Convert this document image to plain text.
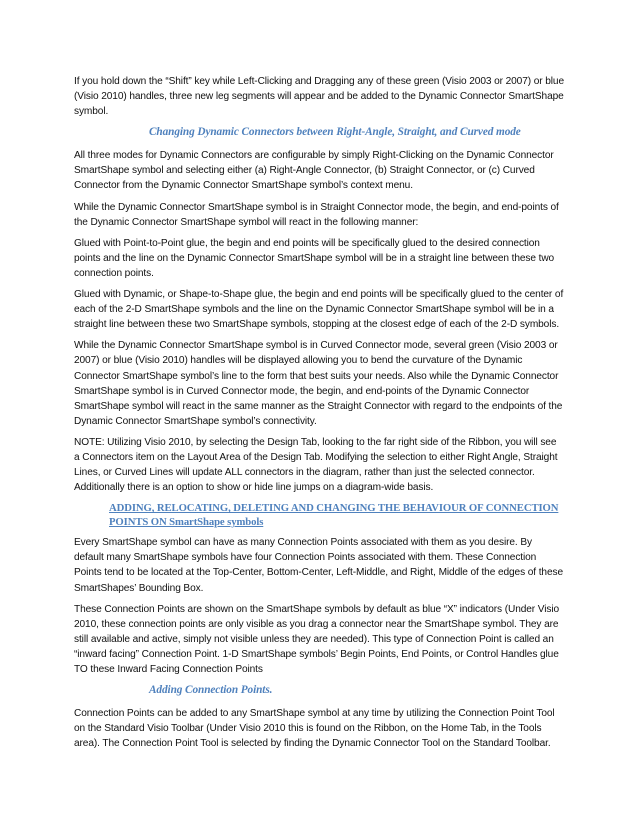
If you hold down the “Shift” key while Left-Clicking and Dragging any of these green (Visio 2003 or 2007) or blue (Visio 2010) handles, three new leg segments will appear and be added to the Dynamic Connector SmartShape symbol.

Changing Dynamic Connectors between Right-Angle, Straight, and Curved mode

All three modes for Dynamic Connectors are configurable by simply Right-Clicking on the Dynamic Connector SmartShape symbol and selecting either (a) Right-Angle Connector, (b) Straight Connector, or (c) Curved Connector from the Dynamic Connector SmartShape symbol’s context menu.

While the Dynamic Connector SmartShape symbol is in Straight Connector mode, the begin, and end-points of the Dynamic Connector SmartShape symbol will react in the following manner:

Glued with Point-to-Point glue, the begin and end points will be specifically glued to the desired connection points and the line on the Dynamic Connector SmartShape symbol will be in a straight line between these two connection points.

Glued with Dynamic, or Shape-to-Shape glue, the begin and end points will be specifically glued to the center of each of the 2-D SmartShape symbols and the line on the Dynamic Connector SmartShape symbol will be in a straight line between these two SmartShape symbols, stopping at the closest edge of each of the 2-D symbols.

While the Dynamic Connector SmartShape symbol is in Curved Connector mode, several green (Visio 2003 or 2007) or blue (Visio 2010) handles will be displayed allowing you to bend the curvature of the Dynamic Connector SmartShape symbol’s line to the form that best suits your needs. Also while the Dynamic Connector SmartShape symbol is in Curved Connector mode, the begin, and end-points of the Dynamic Connector SmartShape symbol will react in the same manner as the Straight Connector with regard to the endpoints of the Dynamic Connector SmartShape symbol’s connectivity.

NOTE: Utilizing Visio 2010, by selecting the Design Tab, looking to the far right side of the Ribbon, you will see a Connectors item on the Layout Area of the Design Tab. Modifying the selection to either Right Angle, Straight Lines, or Curved Lines will update ALL connectors in the diagram, rather than just the selected connector. Additionally there is an option to show or hide line jumps on a diagram-wide basis.

ADDING, RELOCATING, DELETING AND CHANGING THE BEHAVIOUR OF CONNECTION POINTS ON SmartShape symbols

Every SmartShape symbol can have as many Connection Points associated with them as you desire. By default many SmartShape symbols have four Connection Points associated with them. These Connection Points tend to be located at the Top-Center, Bottom-Center, Left-Middle, and Right, Middle of the edges of these SmartShapes’ Bounding Box.

These Connection Points are shown on the SmartShape symbols by default as blue “X” indicators (Under Visio 2010, these connection points are only visible as you drag a connector near the SmartShape symbol. They are still available and active, simply not visible unless they are needed). This type of Connection Point is called an “inward facing” Connection Point. 1-D SmartShape symbols’ Begin Points, End Points, or Control Handles glue TO these Inward Facing Connection Points

Adding Connection Points.

Connection Points can be added to any SmartShape symbol at any time by utilizing the Connection Point Tool on the Standard Visio Toolbar (Under Visio 2010 this is found on the Ribbon, on the Home Tab, in the Tools area). The Connection Point Tool is selected by finding the Dynamic Connector Tool on the Standard Toolbar.
